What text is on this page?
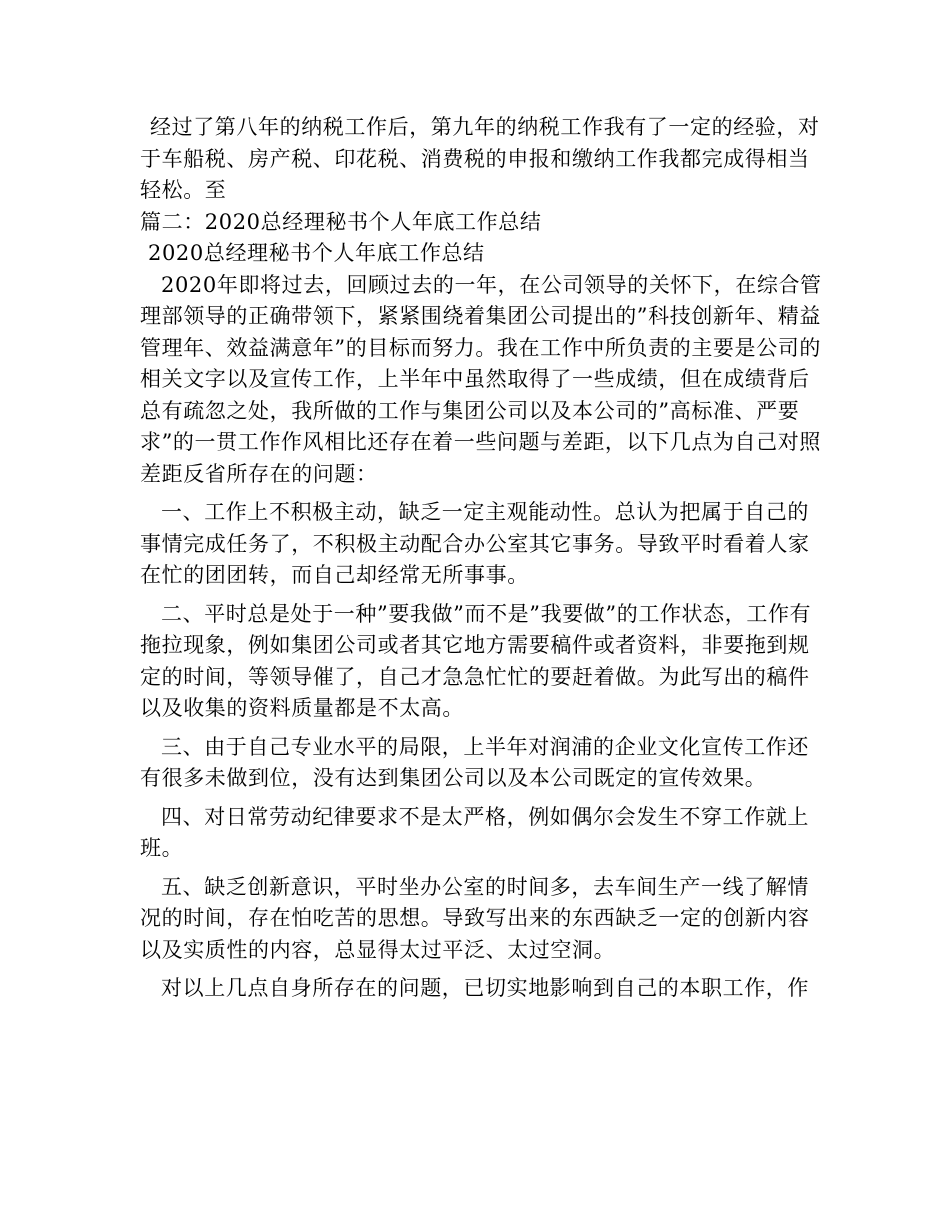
经过了第八年的纳税工作后，第九年的纳税工作我有了一定的经验，对于车船税、房产税、印花税、消费税的申报和缴纳工作我都完成得相当轻松。至

篇二：2020总经理秘书个人年底工作总结

2020总经理秘书个人年底工作总结

2020年即将过去，回顾过去的一年，在公司领导的关怀下，在综合管理部领导的正确带领下，紧紧围绕着集团公司提出的”科技创新年、精益管理年、效益满意年”的目标而努力。我在工作中所负责的主要是公司的相关文字以及宣传工作，上半年中虽然取得了一些成绩，但在成绩背后总有疏忽之处，我所做的工作与集团公司以及本公司的”高标准、严要求”的一贯工作作风相比还存在着一些问题与差距，以下几点为自己对照差距反省所存在的问题：

一、工作上不积极主动，缺乏一定主观能动性。总认为把属于自己的事情完成任务了，不积极主动配合办公室其它事务。导致平时看着人家在忙的团团转，而自己却经常无所事事。

二、平时总是处于一种”要我做”而不是”我要做”的工作状态，工作有拖拉现象，例如集团公司或者其它地方需要稿件或者资料，非要拖到规定的时间，等领导催了，自己才急急忙忙的要赶着做。为此写出的稿件以及收集的资料质量都是不太高。

三、由于自己专业水平的局限，上半年对润浦的企业文化宣传工作还有很多未做到位，没有达到集团公司以及本公司既定的宣传效果。

四、对日常劳动纪律要求不是太严格，例如偶尔会发生不穿工作就上班。

五、缺乏创新意识，平时坐办公室的时间多，去车间生产一线了解情况的时间，存在怕吃苦的思想。导致写出来的东西缺乏一定的创新内容以及实质性的内容，总显得太过平泛、太过空洞。

对以上几点自身所存在的问题，已切实地影响到自己的本职工作，作
